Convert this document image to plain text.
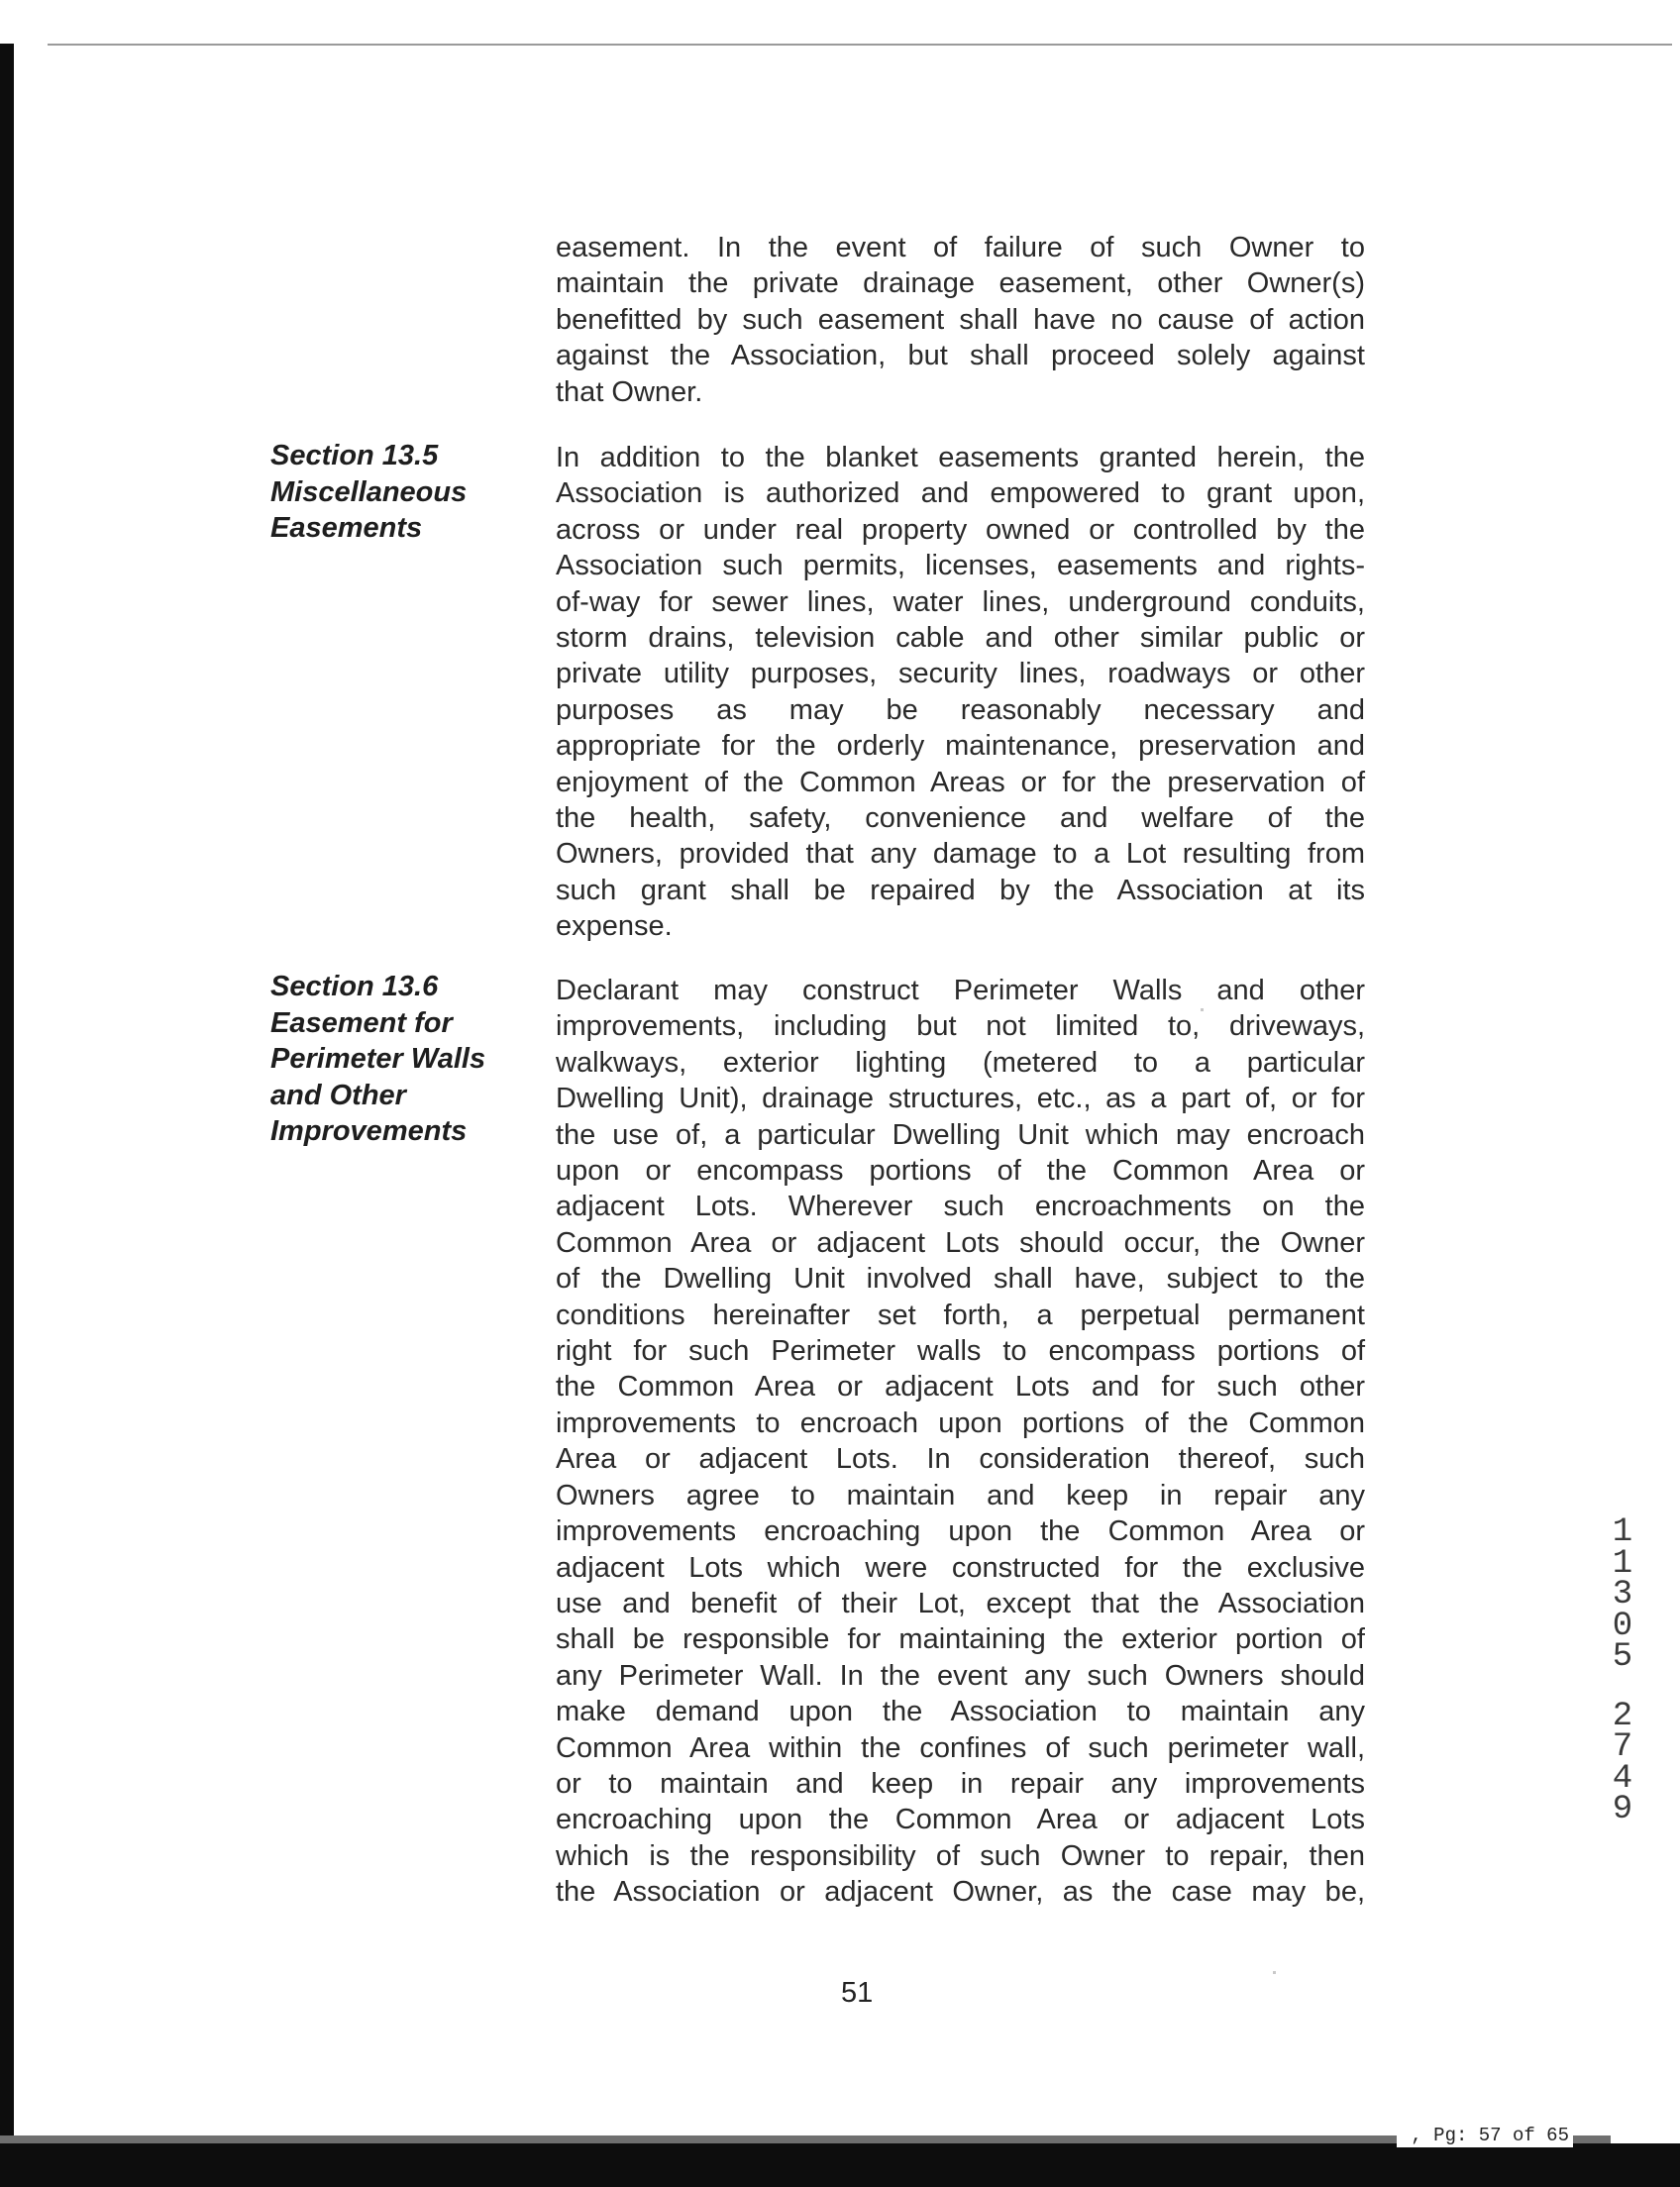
easement. In the event of failure of such Owner to
maintain the private drainage easement, other Owner(s)
benefitted by such easement shall have no cause of action
against the Association, but shall proceed solely against
that Owner.
Section 13.5
Miscellaneous
Easements
In addition to the blanket easements granted herein, the
Association is authorized and empowered to grant upon,
across or under real property owned or controlled by the
Association such permits, licenses, easements and rights-
of-way for sewer lines, water lines, underground conduits,
storm drains, television cable and other similar public or
private utility purposes, security lines, roadways or other
purposes as may be reasonably necessary and
appropriate for the orderly maintenance, preservation and
enjoyment of the Common Areas or for the preservation of
the health, safety, convenience and welfare of the
Owners, provided that any damage to a Lot resulting from
such grant shall be repaired by the Association at its
expense.
Section 13.6
Easement for
Perimeter Walls
and Other
Improvements
Declarant may construct Perimeter Walls and other
improvements, including but not limited to, driveways,
walkways, exterior lighting (metered to a particular
Dwelling Unit), drainage structures, etc., as a part of, or for
the use of, a particular Dwelling Unit which may encroach
upon or encompass portions of the Common Area or
adjacent Lots. Wherever such encroachments on the
Common Area or adjacent Lots should occur, the Owner
of the Dwelling Unit involved shall have, subject to the
conditions hereinafter set forth, a perpetual permanent
right for such Perimeter walls to encompass portions of
the Common Area or adjacent Lots and for such other
improvements to encroach upon portions of the Common
Area or adjacent Lots. In consideration thereof, such
Owners agree to maintain and keep in repair any
improvements encroaching upon the Common Area or
adjacent Lots which were constructed for the exclusive
use and benefit of their Lot, except that the Association
shall be responsible for maintaining the exterior portion of
any Perimeter Wall. In the event any such Owners should
make demand upon the Association to maintain any
Common Area within the confines of such perimeter wall,
or to maintain and keep in repair any improvements
encroaching upon the Common Area or adjacent Lots
which is the responsibility of such Owner to repair, then
the Association or adjacent Owner, as the case may be,
51
1
1
3
0
5
2
7
4
9
, Pg: 57 of 65
